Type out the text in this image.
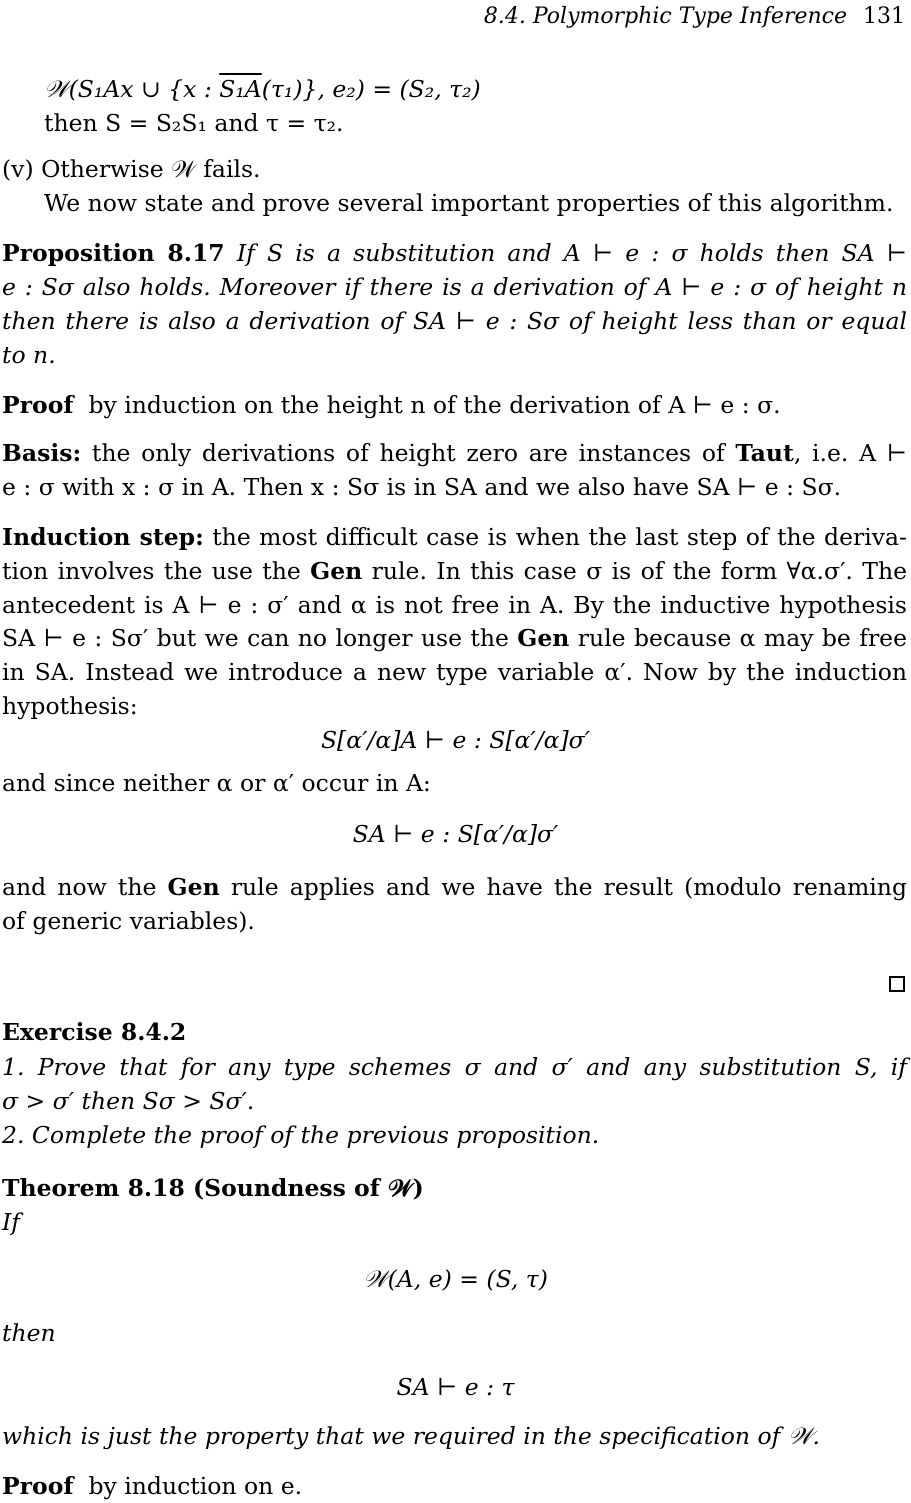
8.4. Polymorphic Type Inference 131
𝒲(S₁A𝑥 ∪ {x : S₁A(τ₁)}, e₂) = (S₂, τ₂)
then S = S₂S₁ and τ = τ₂.
(v) Otherwise 𝒲 fails.
We now state and prove several important properties of this algorithm.
Proposition 8.17 If S is a substitution and A ⊢ e : σ holds then SA ⊢
e : Sσ also holds. Moreover if there is a derivation of A ⊢ e : σ of height n
then there is also a derivation of SA ⊢ e : Sσ of height less than or equal
to n.
Proof by induction on the height n of the derivation of A ⊢ e : σ.
Basis: the only derivations of height zero are instances of Taut, i.e. A ⊢
e : σ with x : σ in A. Then x : Sσ is in SA and we also have SA ⊢ e : Sσ.
Induction step: the most difficult case is when the last step of the deriva-
tion involves the use the Gen rule. In this case σ is of the form ∀α.σ′. The
antecedent is A ⊢ e : σ′ and α is not free in A. By the inductive hypothesis
SA ⊢ e : Sσ′ but we can no longer use the Gen rule because α may be free
in SA. Instead we introduce a new type variable α′. Now by the induction
hypothesis:
S[α′/α]A ⊢ e : S[α′/α]σ′
and since neither α or α′ occur in A:
SA ⊢ e : S[α′/α]σ′
and now the Gen rule applies and we have the result (modulo renaming
of generic variables).
Exercise 8.4.2
1. Prove that for any type schemes σ and σ′ and any substitution S, if
σ > σ′ then Sσ > Sσ′.
2. Complete the proof of the previous proposition.
Theorem 8.18 (Soundness of 𝒲)
If
𝒲(A, e) = (S, τ)
then
SA ⊢ e : τ
which is just the property that we required in the specification of 𝒲.
Proof by induction on e.
